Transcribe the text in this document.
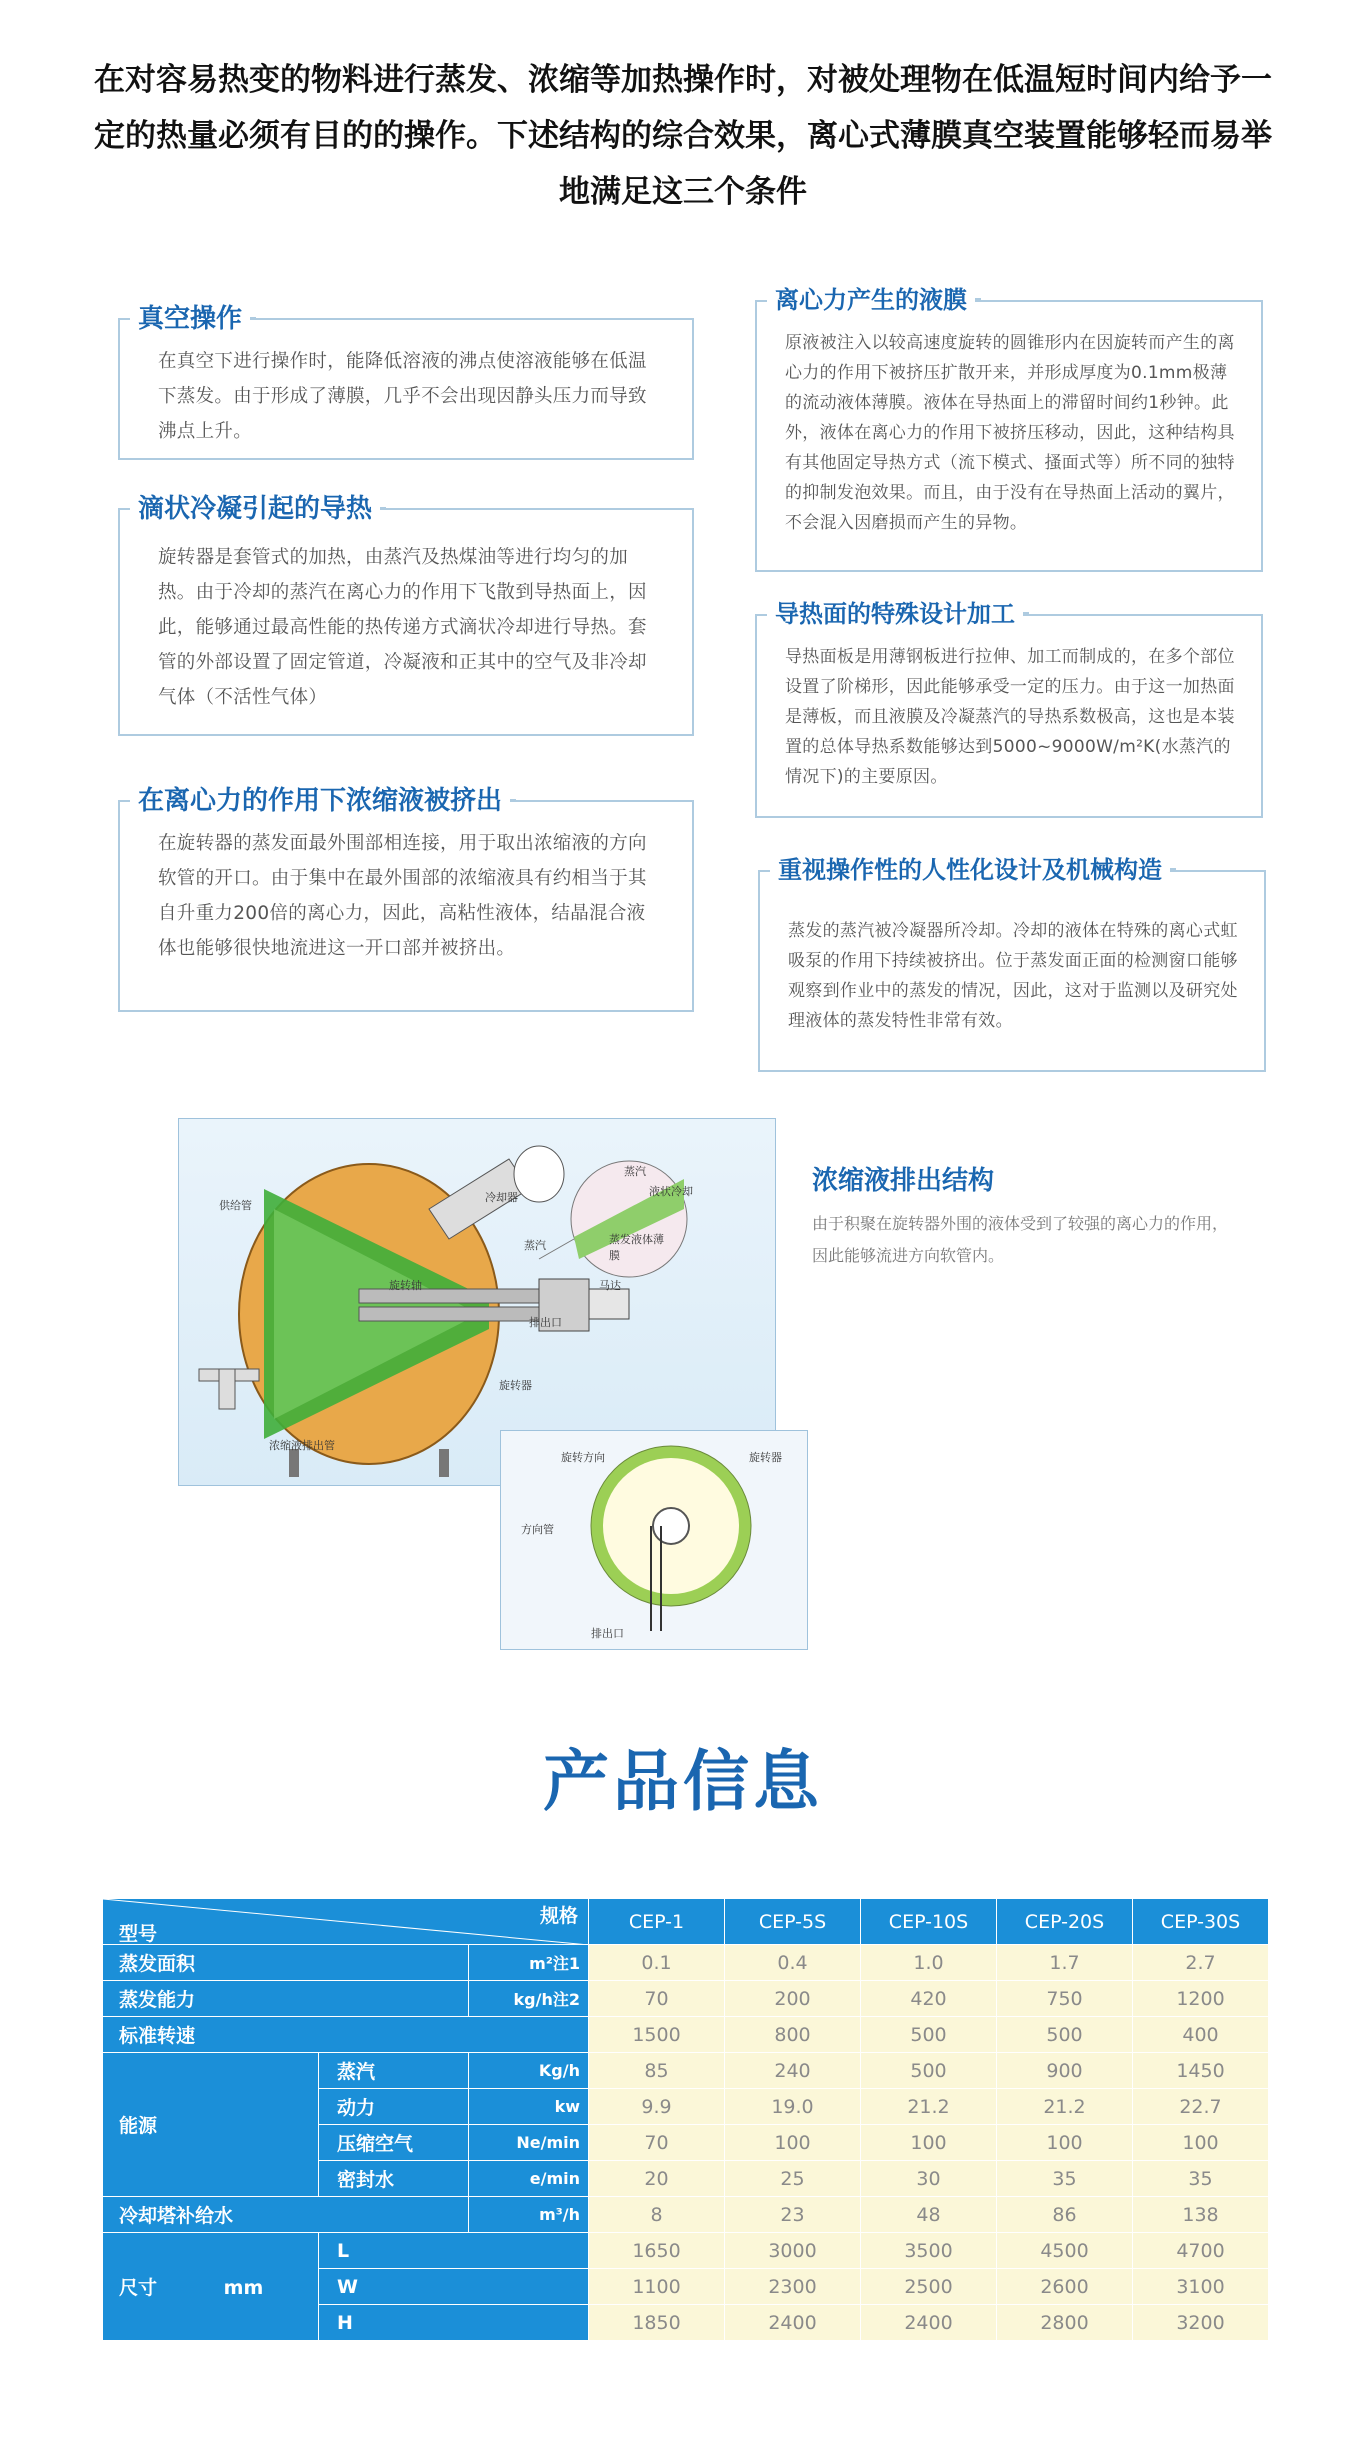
在对容易热变的物料进行蒸发、浓缩等加热操作时，对被处理物在低温短时间内给予一定的热量必须有目的的操作。下述结构的综合效果，离心式薄膜真空装置能够轻而易举地满足这三个条件
真空操作
在真空下进行操作时，能降低溶液的沸点使溶液能够在低温下蒸发。由于形成了薄膜，几乎不会出现因静头压力而导致沸点上升。
滴状冷凝引起的导热
旋转器是套管式的加热，由蒸汽及热煤油等进行均匀的加热。由于冷却的蒸汽在离心力的作用下飞散到导热面上，因此，能够通过最高性能的热传递方式滴状冷却进行导热。套管的外部设置了固定管道，冷凝液和正其中的空气及非冷却气体（不活性气体）
在离心力的作用下浓缩液被挤出
在旋转器的蒸发面最外围部相连接，用于取出浓缩液的方向软管的开口。由于集中在最外围部的浓缩液具有约相当于其自升重力200倍的离心力，因此，高粘性液体，结晶混合液体也能够很快地流进这一开口部并被挤出。
离心力产生的液膜
原液被注入以较高速度旋转的圆锥形内在因旋转而产生的离心力的作用下被挤压扩散开来，并形成厚度为0.1mm极薄的流动液体薄膜。液体在导热面上的滞留时间约1秒钟。此外，液体在离心力的作用下被挤压移动，因此，这种结构具有其他固定导热方式（流下模式、搔面式等）所不同的独特的抑制发泡效果。而且，由于没有在导热面上活动的翼片，不会混入因磨损而产生的异物。
导热面的特殊设计加工
导热面板是用薄钢板进行拉伸、加工而制成的，在多个部位设置了阶梯形，因此能够承受一定的压力。由于这一加热面是薄板，而且液膜及冷凝蒸汽的导热系数极高，这也是本装置的总体导热系数能够达到5000~9000W/m²K(水蒸汽的情况下)的主要原因。
重视操作性的人性化设计及机械构造
蒸发的蒸汽被冷凝器所冷却。冷却的液体在特殊的离心式虹吸泵的作用下持续被挤出。位于蒸发面正面的检测窗口能够观察到作业中的蒸发的情况，因此，这对于监测以及研究处理液体的蒸发特性非常有效。
供给管
冷却器
蒸汽
旋转轴	马达
排出口
旋转器
浓缩液排出管
蒸汽
液状冷却
蒸发液体薄膜
旋转方向	旋转器
方向管
排出口
浓缩液排出结构
由于积聚在旋转器外围的液体受到了较强的离心力的作用，因此能够流进方向软管内。
产品信息
型号
规格			CEP-1	CEP-5S	CEP-10S	CEP-20S	CEP-30S
蒸发面积		m²注1	0.1	0.4	1.0	1.7	2.7
蒸发能力		kg/h注2	70	200	420	750	1200
标准转速			1500	800	500	500	400
能源	蒸汽	Kg/h	85	240	500	900	1450
	动力	kw	9.9	19.0	21.2	21.2	22.7
	压缩空气	Ne/min	70	100	100	100	100
	密封水	e/min	20	25	30	35	35
冷却塔补给水		m³/h	8	23	48	86	138
尺寸 mm	L		1650	3000	3500	4500	4700
	W		1100	2300	2500	2600	3100
	H		1850	2400	2400	2800	3200
